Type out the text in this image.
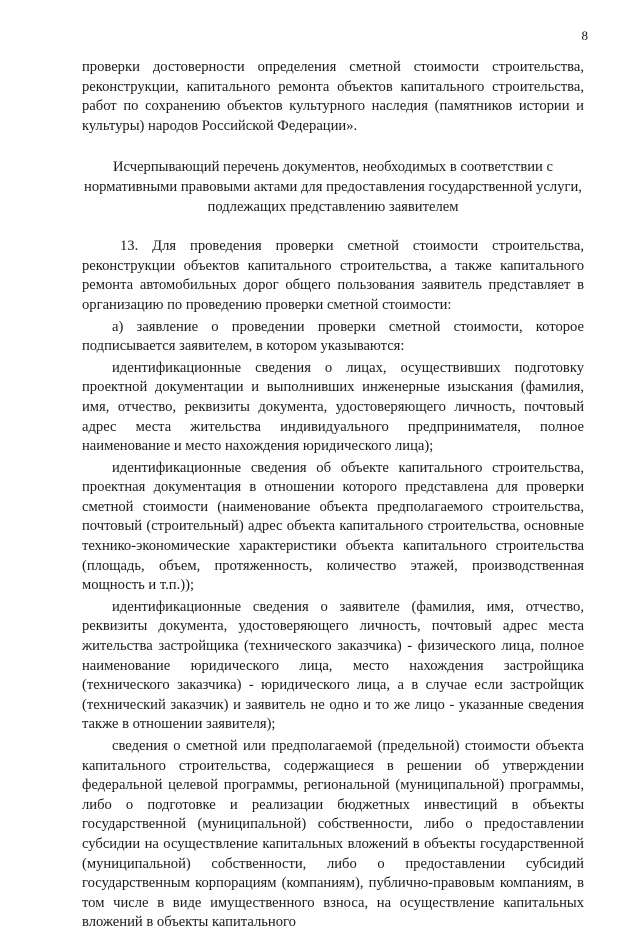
8

проверки достоверности определения сметной стоимости строительства, реконструкции, капитального ремонта объектов капитального строительства, работ по сохранению объектов культурного наследия (памятников истории и культуры) народов Российской Федерации».

Исчерпывающий перечень документов, необходимых в соответствии с нормативными правовыми актами для предоставления государственной услуги, подлежащих представлению заявителем

13. Для проведения проверки сметной стоимости строительства, реконструкции объектов капитального строительства, а также капитального ремонта автомобильных дорог общего пользования заявитель представляет в организацию по проведению проверки сметной стоимости:

а) заявление о проведении проверки сметной стоимости, которое подписывается заявителем, в котором указываются:

идентификационные сведения о лицах, осуществивших подготовку проектной документации и выполнивших инженерные изыскания (фамилия, имя, отчество, реквизиты документа, удостоверяющего личность, почтовый адрес места жительства индивидуального предпринимателя, полное наименование и место нахождения юридического лица);

идентификационные сведения об объекте капитального строительства, проектная документация в отношении которого представлена для проверки сметной стоимости (наименование объекта предполагаемого строительства, почтовый (строительный) адрес объекта капитального строительства, основные технико-экономические характеристики объекта капитального строительства (площадь, объем, протяженность, количество этажей, производственная мощность и т.п.));

идентификационные сведения о заявителе (фамилия, имя, отчество, реквизиты документа, удостоверяющего личность, почтовый адрес места жительства застройщика (технического заказчика) - физического лица, полное наименование юридического лица, место нахождения застройщика (технического заказчика) - юридического лица, а в случае если застройщик (технический заказчик) и заявитель не одно и то же лицо - указанные сведения также в отношении заявителя);

сведения о сметной или предполагаемой (предельной) стоимости объекта капитального строительства, содержащиеся в решении об утверждении федеральной целевой программы, региональной (муниципальной) программы, либо о подготовке и реализации бюджетных инвестиций в объекты государственной (муниципальной) собственности, либо о предоставлении субсидии на осуществление капитальных вложений в объекты государственной (муниципальной) собственности, либо о предоставлении субсидий государственным корпорациям (компаниям), публично-правовым компаниям, в том числе в виде имущественного взноса, на осуществление капитальных вложений в объекты капитального
